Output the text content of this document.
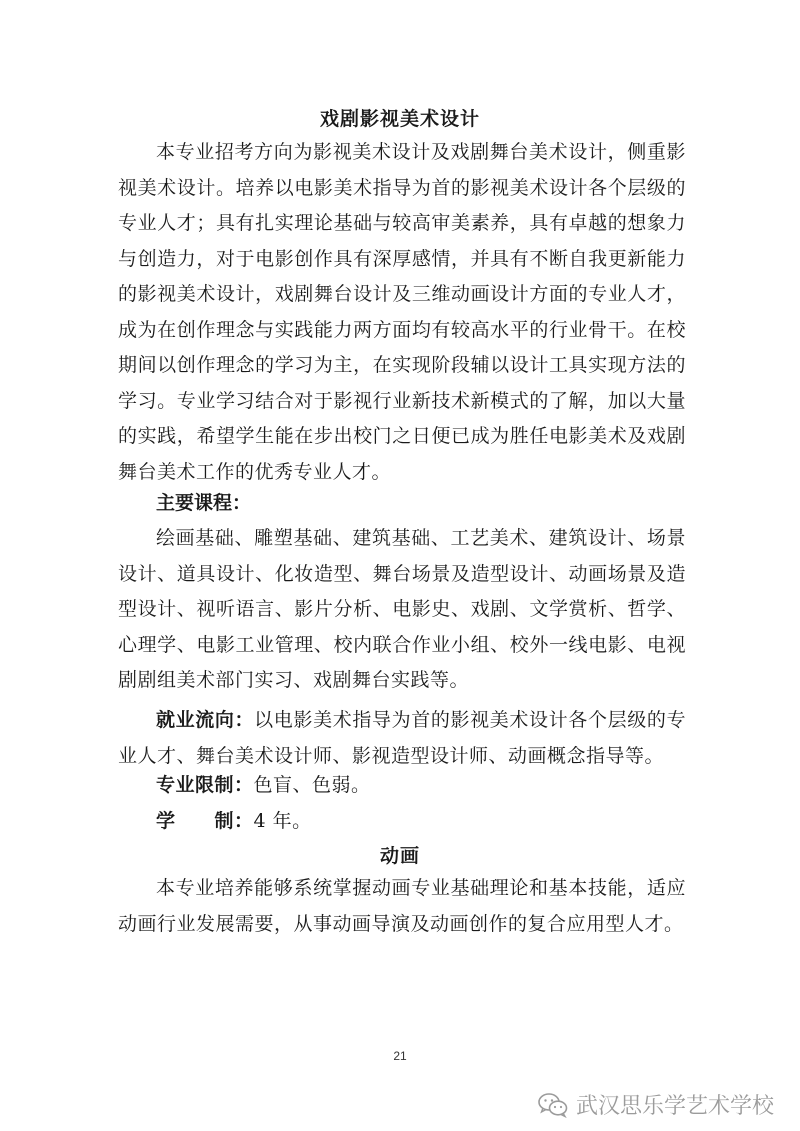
戏剧影视美术设计
本专业招考方向为影视美术设计及戏剧舞台美术设计，侧重影视美术设计。培养以电影美术指导为首的影视美术设计各个层级的专业人才；具有扎实理论基础与较高审美素养，具有卓越的想象力与创造力，对于电影创作具有深厚感情，并具有不断自我更新能力的影视美术设计，戏剧舞台设计及三维动画设计方面的专业人才，成为在创作理念与实践能力两方面均有较高水平的行业骨干。在校期间以创作理念的学习为主，在实现阶段辅以设计工具实现方法的学习。专业学习结合对于影视行业新技术新模式的了解，加以大量的实践，希望学生能在步出校门之日便已成为胜任电影美术及戏剧舞台美术工作的优秀专业人才。
主要课程：
绘画基础、雕塑基础、建筑基础、工艺美术、建筑设计、场景设计、道具设计、化妆造型、舞台场景及造型设计、动画场景及造型设计、视听语言、影片分析、电影史、戏剧、文学赏析、哲学、心理学、电影工业管理、校内联合作业小组、校外一线电影、电视剧剧组美术部门实习、戏剧舞台实践等。
就业流向：以电影美术指导为首的影视美术设计各个层级的专业人才、舞台美术设计师、影视造型设计师、动画概念指导等。
专业限制：色盲、色弱。
学　　制：4 年。
动画
本专业培养能够系统掌握动画专业基础理论和基本技能，适应动画行业发展需要，从事动画导演及动画创作的复合应用型人才。
21
武汉思乐学艺术学校
